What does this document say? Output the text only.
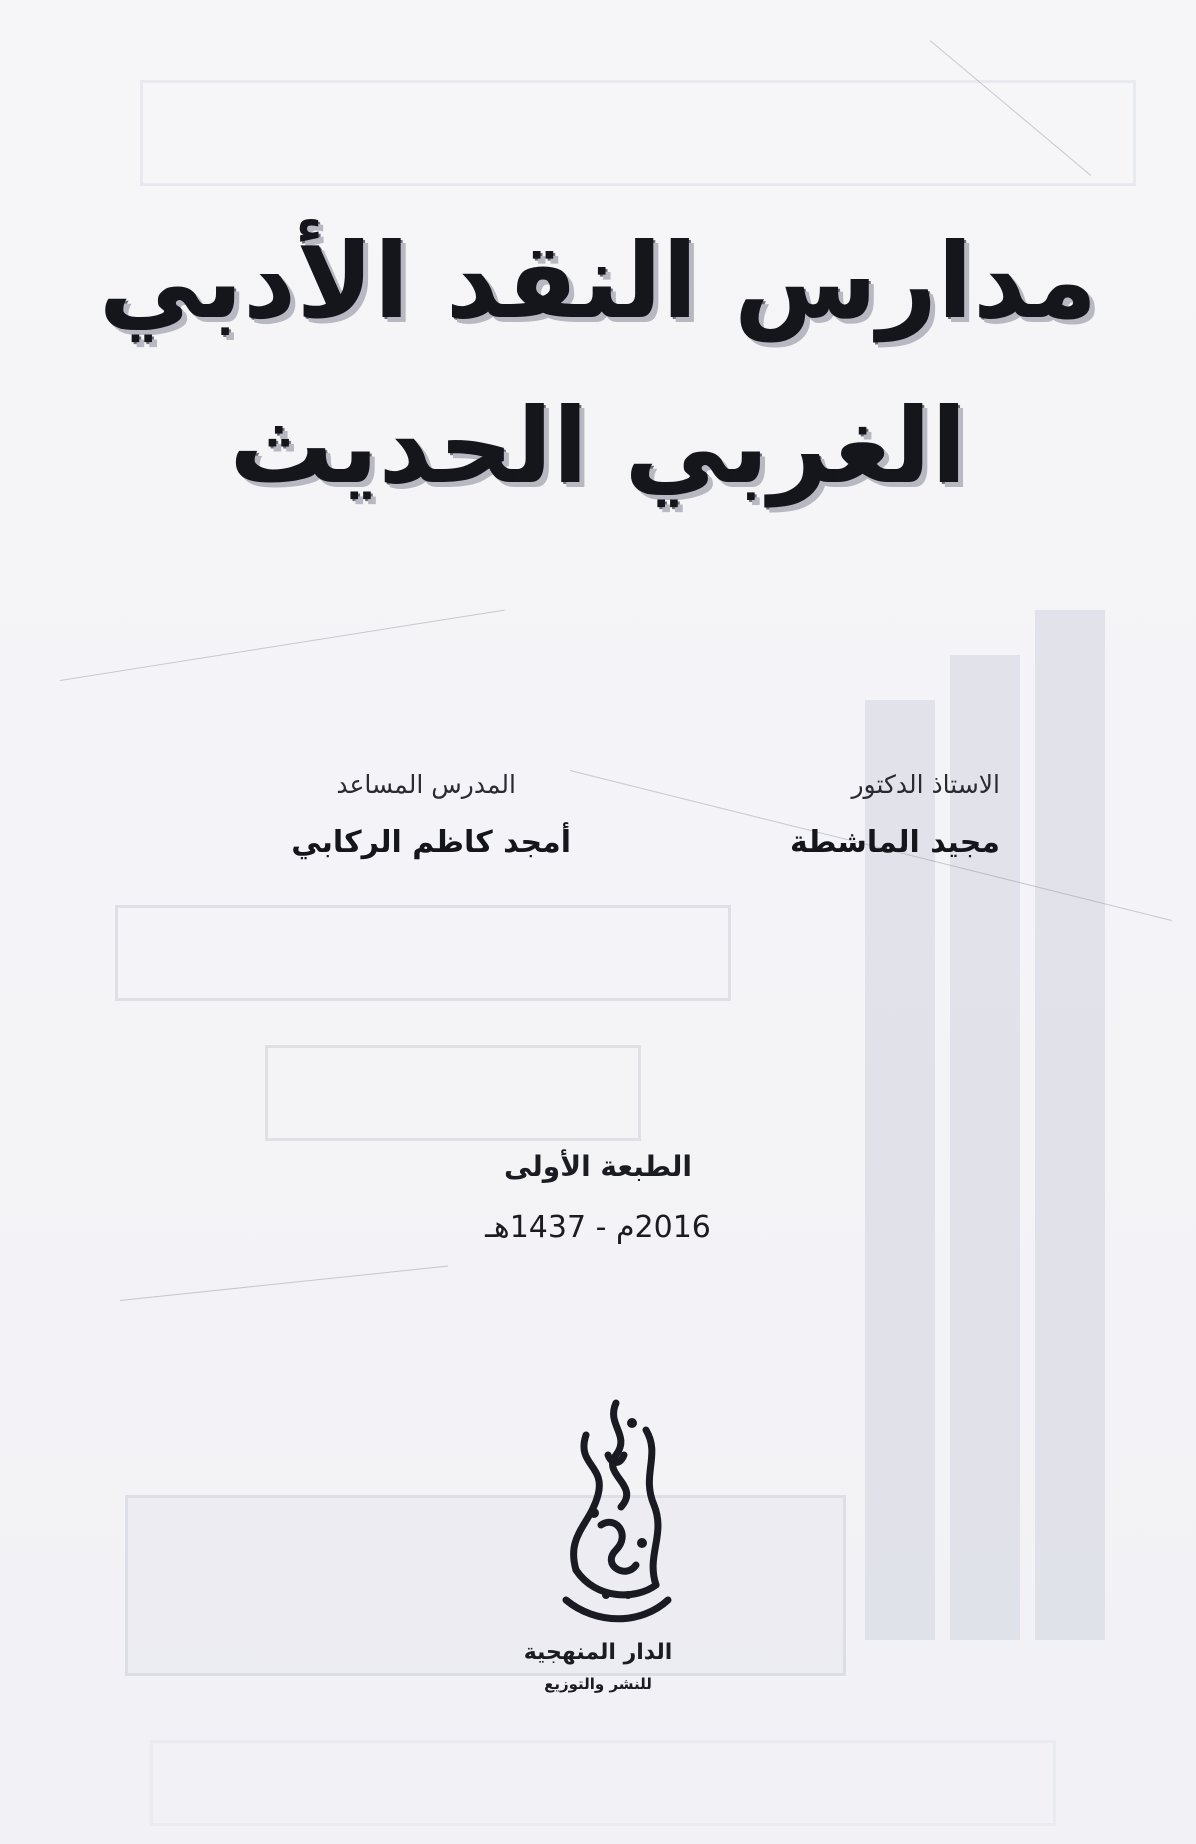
مدارس النقد الأدبي
الغربي الحديث
الاستاذ الدكتور
مجيد الماشطة
المدرس المساعد
أمجد كاظم الركابي
الطبعة الأولى
2016م - 1437هـ
الدار المنهجية
للنشر والتوزيع
